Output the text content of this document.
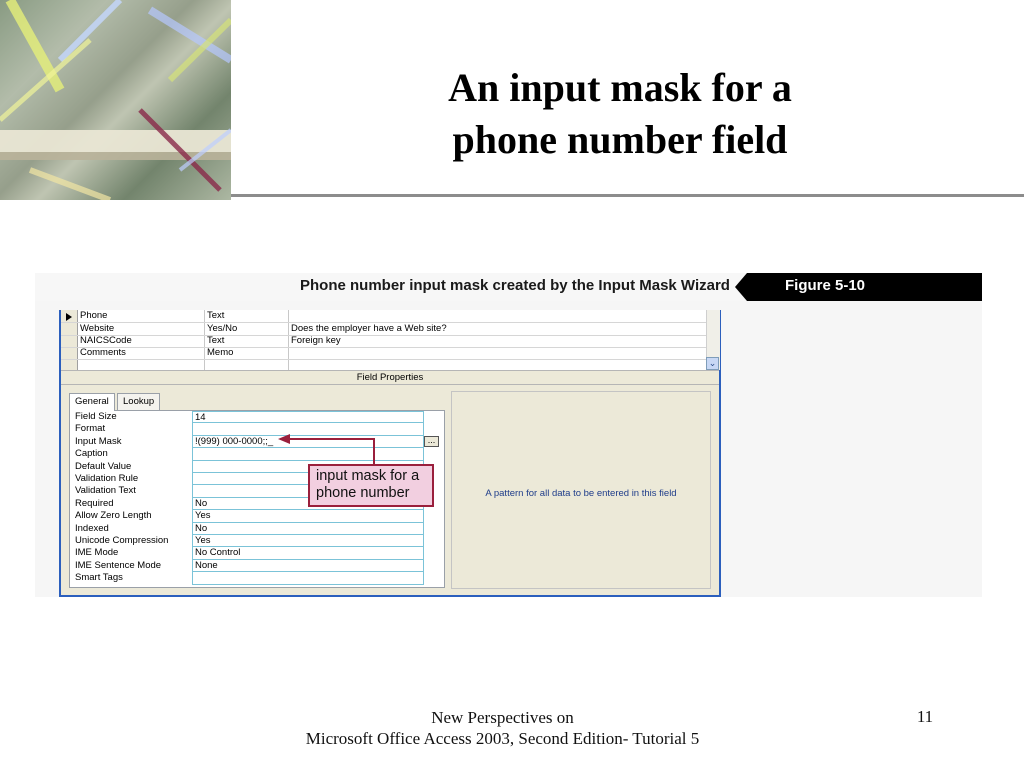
An input mask for a
phone number field
Phone number input mask created by the Input Mask Wizard	Figure 5-10
Phone	Text
Website	Yes/No	Does the employer have a Web site?
NAICSCode	Text	Foreign key
Comments	Memo
⌄
Field Properties
General	Lookup
Field Size	14
Format
Input Mask	!(999) 000-0000;;_
Caption
Default Value
Validation Rule
Validation Text
Required	No
Allow Zero Length	Yes
Indexed	No
Unicode Compression	Yes
IME Mode	No Control
IME Sentence Mode	None
Smart Tags
...
A pattern for all data to be entered in this field
input mask for a
phone number
New Perspectives on
Microsoft Office Access 2003, Second Edition- Tutorial 5
11
